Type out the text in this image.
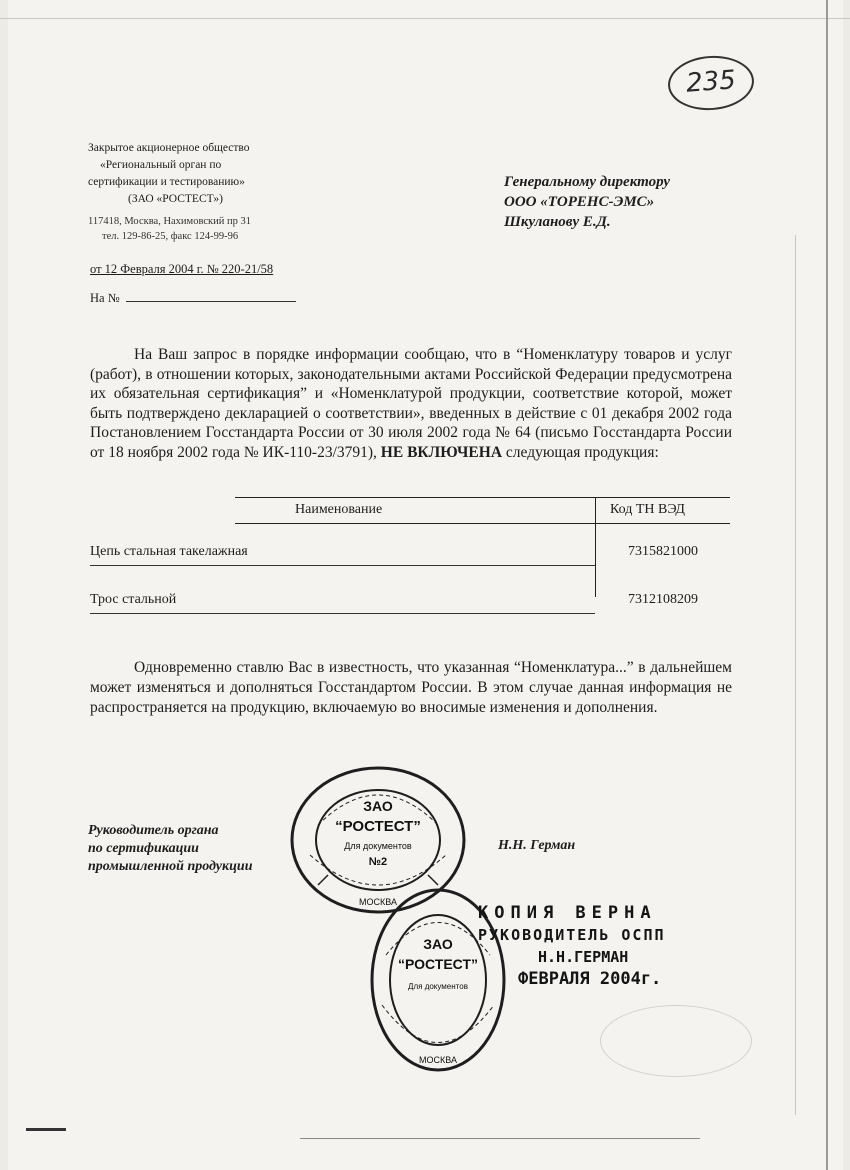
235
Закрытое акционерное общество
«Региональный орган по
сертификации и тестированию»
(ЗАО «РОСТЕСТ»)
117418, Москва, Нахимовский пр 31
тел. 129-86-25, факс 124-99-96
Генеральному директору
ООО «ТОРЕНС-ЭМС»
Шкуланову Е.Д.
от 12 Февраля 2004 г. № 220-21/58
На №

На Ваш запрос в порядке информации сообщаю, что в “Номенклатуру товаров и услуг (работ), в отношении которых, законодательными актами Российской Федерации предусмотрена их обязательная сертификация” и «Номенклатурой продукции, соответствие которой, может быть подтверждено декларацией о соответствии», введенных в действие с 01 декабря 2002 года Постановлением Госстандарта России от 30 июля 2002 года № 64 (письмо Госстандарта России от 18 ноября 2002 года № ИК-110-23/3791), НЕ ВКЛЮЧЕНА следующая продукция:

Наименование	Код ТН ВЭД
Цепь стальная такелажная	7315821000
Трос стальной	7312108209

Одновременно ставлю Вас в известность, что указанная “Номенклатура...” в дальнейшем может изменяться и дополняться Госстандартом России. В этом случае данная информация не распространяется на продукцию, включаемую во вносимые изменения и дополнения.

Руководитель органа
по сертификации
промышленной продукции
Н.Н. Герман
ЗАО
“РОСТЕСТ”
Для документов
№2
МОСКВА
ЗАО
“РОСТЕСТ”
Для документов
МОСКВА
КОПИЯ ВЕРНА
РУКОВОДИТЕЛЬ ОСПП
Н.Н.ГЕРМАН
ФЕВРАЛЯ 2004г.
